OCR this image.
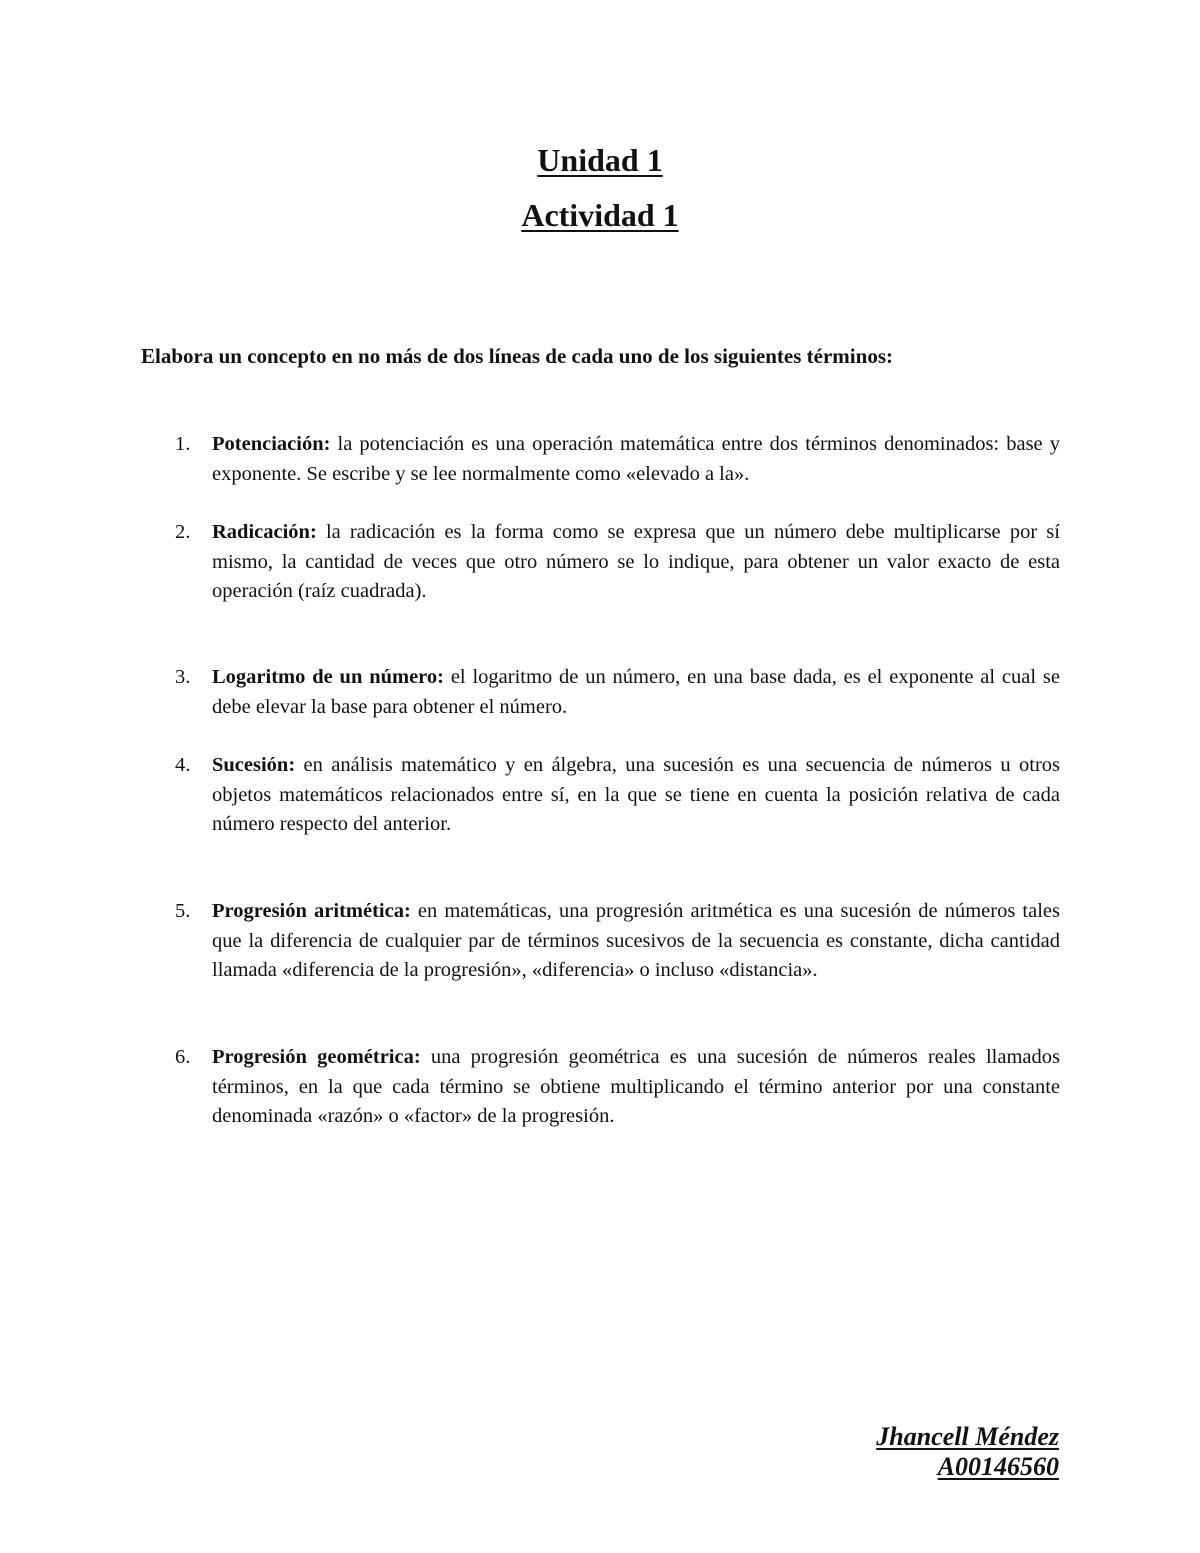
Unidad 1
Actividad 1

Elabora un concepto en no más de dos líneas de cada uno de los siguientes términos:

1.	Potenciación: la potenciación es una operación matemática entre dos términos denominados: base y exponente. Se escribe y se lee normalmente como «elevado a la».
2.	Radicación: la radicación es la forma como se expresa que un número debe multiplicarse por sí mismo, la cantidad de veces que otro número se lo indique, para obtener un valor exacto de esta operación (raíz cuadrada).
3.	Logaritmo de un número: el logaritmo de un número, en una base dada, es el exponente al cual se debe elevar la base para obtener el número.
4.	Sucesión: en análisis matemático y en álgebra, una sucesión es una secuencia de números u otros objetos matemáticos relacionados entre sí, en la que se tiene en cuenta la posición relativa de cada número respecto del anterior.
5.	Progresión aritmética: en matemáticas, una progresión aritmética es una sucesión de números tales que la diferencia de cualquier par de términos sucesivos de la secuencia es constante, dicha cantidad llamada «diferencia de la progresión», «diferencia» o incluso «distancia».
6.	Progresión geométrica: una progresión geométrica es una sucesión de números reales llamados términos, en la que cada término se obtiene multiplicando el término anterior por una constante denominada «razón» o «factor» de la progresión.
Jhancell Méndez
A00146560
